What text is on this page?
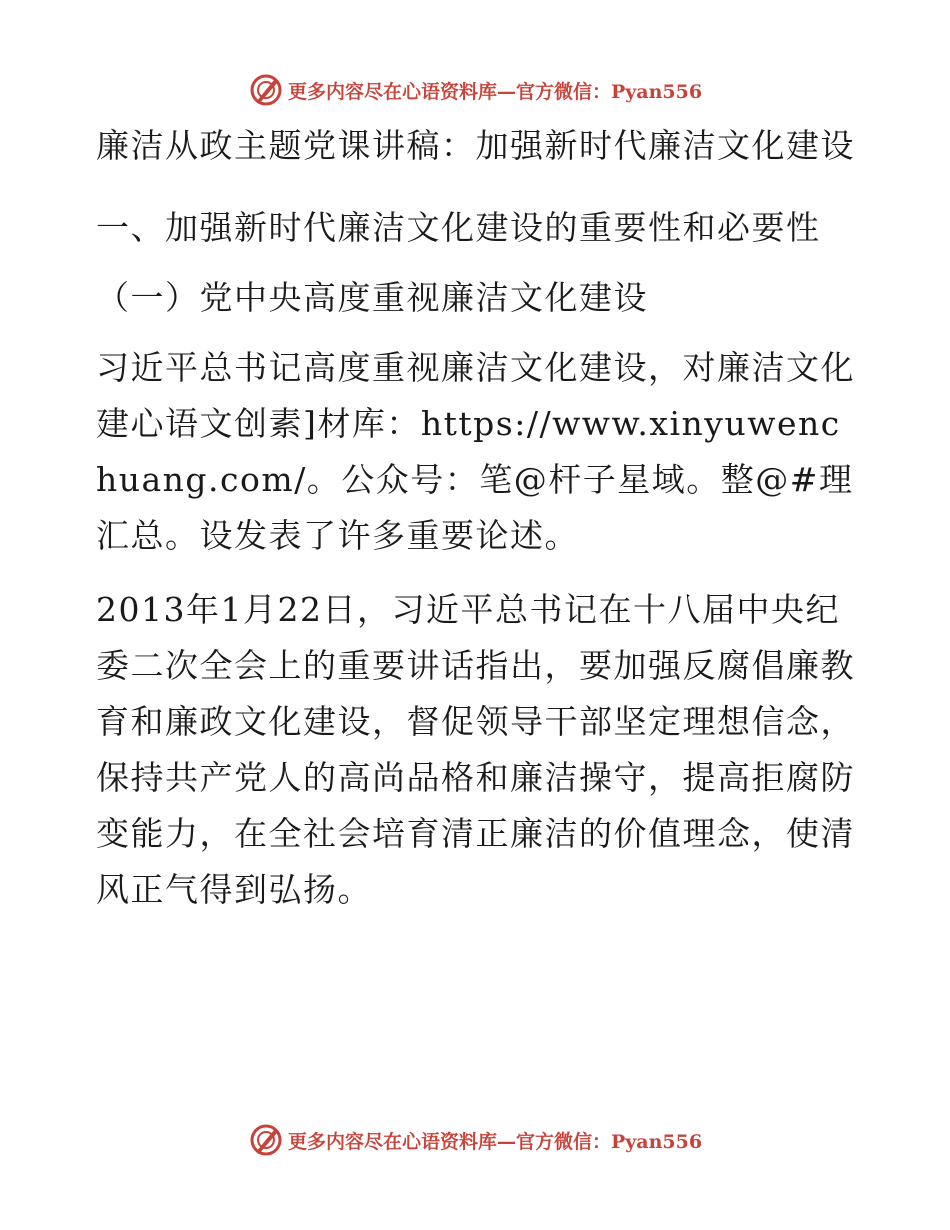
更多内容尽在心语资料库—官方微信：Pyan556

廉洁从政主题党课讲稿：加强新时代廉洁文化建设

一、加强新时代廉洁文化建设的重要性和必要性

（一）党中央高度重视廉洁文化建设

习近平总书记高度重视廉洁文化建设，对廉洁文化建心语文创素]材库：https://www.xinyuwenchuang.com/。公众号：笔@杆子星域。整@#理汇总。设发表了许多重要论述。

2013年1月22日，习近平总书记在十八届中央纪委二次全会上的重要讲话指出，要加强反腐倡廉教育和廉政文化建设，督促领导干部坚定理想信念，保持共产党人的高尚品格和廉洁操守，提高拒腐防变能力，在全社会培育清正廉洁的价值理念，使清风正气得到弘扬。

更多内容尽在心语资料库—官方微信：Pyan556
